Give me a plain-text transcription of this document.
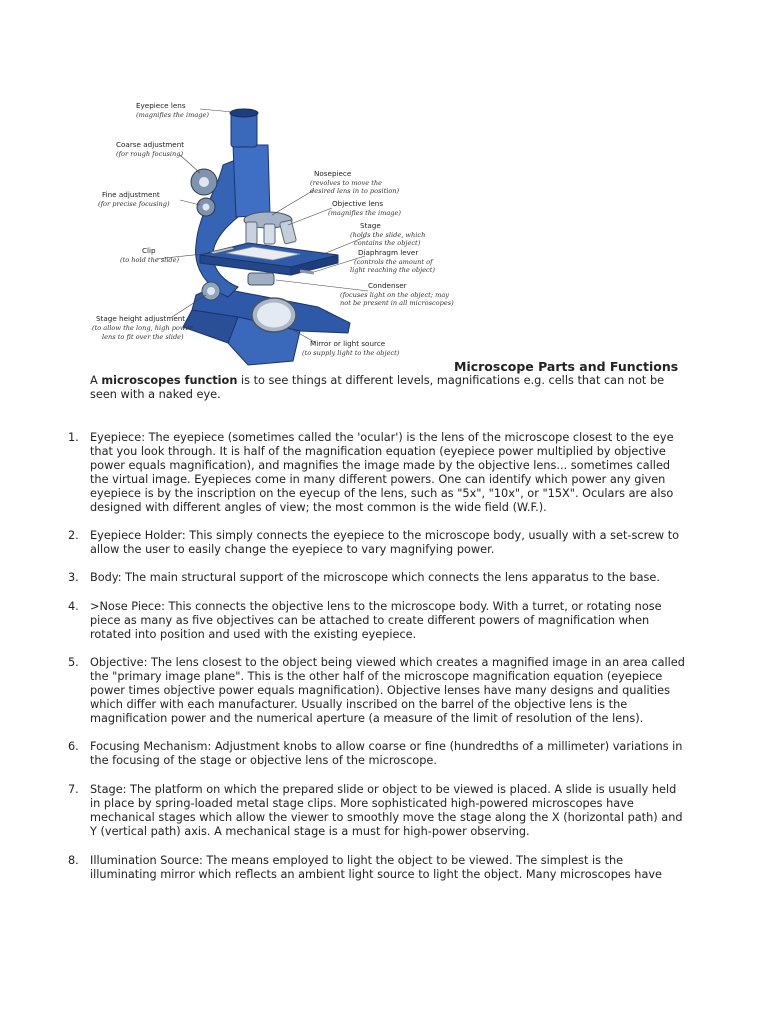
Eyepiece lens
(magnifies the image)
Coarse adjustment
(for rough focusing)
Fine adjustment
(for precise focusing)
Clip
(to hold the slide)
Stage height adjustment
(to allow the long, high power
lens to fit over the slide)
Nosepiece
(revolves to move the
desired lens in to position)
Objective lens
(magnifies the image)
Stage
(holds the slide, which
contains the object)
Diaphragm lever
(controls the amount of
light reaching the object)
Condenser
(focuses light on the object; may
not be present in all microscopes)
Mirror or light source
(to supply light to the object)
Microscope Parts and Functions

A microscopes function is to see things at different levels, magnifications e.g. cells that can not be seen with a naked eye.

1. Eyepiece: The eyepiece (sometimes called the 'ocular') is the lens of the microscope closest to the eye that you look through. It is half of the magnification equation (eyepiece power multiplied by objective power equals magnification), and magnifies the image made by the objective lens... sometimes called the virtual image. Eyepieces come in many different powers. One can identify which power any given eyepiece is by the inscription on the eyecup of the lens, such as "5x", "10x", or "15X". Oculars are also designed with different angles of view; the most common is the wide field (W.F.).
2. Eyepiece Holder: This simply connects the eyepiece to the microscope body, usually with a set-screw to allow the user to easily change the eyepiece to vary magnifying power.
3. Body: The main structural support of the microscope which connects the lens apparatus to the base.
4. >Nose Piece: This connects the objective lens to the microscope body. With a turret, or rotating nose piece as many as five objectives can be attached to create different powers of magnification when rotated into position and used with the existing eyepiece.
5. Objective: The lens closest to the object being viewed which creates a magnified image in an area called the "primary image plane". This is the other half of the microscope magnification equation (eyepiece power times objective power equals magnification). Objective lenses have many designs and qualities which differ with each manufacturer. Usually inscribed on the barrel of the objective lens is the magnification power and the numerical aperture (a measure of the limit of resolution of the lens).
6. Focusing Mechanism: Adjustment knobs to allow coarse or fine (hundredths of a millimeter) variations in the focusing of the stage or objective lens of the microscope.
7. Stage: The platform on which the prepared slide or object to be viewed is placed. A slide is usually held in place by spring-loaded metal stage clips. More sophisticated high-powered microscopes have mechanical stages which allow the viewer to smoothly move the stage along the X (horizontal path) and Y (vertical path) axis. A mechanical stage is a must for high-power observing.
8. Illumination Source: The means employed to light the object to be viewed. The simplest is the illuminating mirror which reflects an ambient light source to light the object. Many microscopes have
